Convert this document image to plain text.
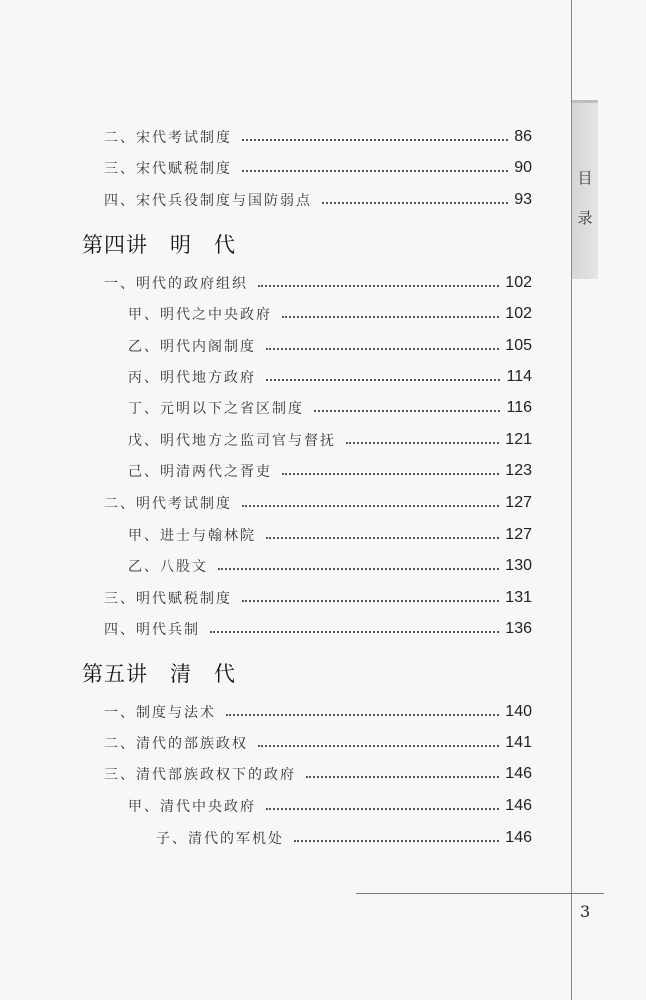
目
录
二、宋代考试制度	86
三、宋代赋税制度	90
四、宋代兵役制度与国防弱点	93
第四讲　明　代
一、明代的政府组织	102
甲、明代之中央政府	102
乙、明代内阁制度	105
丙、明代地方政府	114
丁、元明以下之省区制度	116
戊、明代地方之监司官与督抚	121
己、明清两代之胥吏	123
二、明代考试制度	127
甲、进士与翰林院	127
乙、八股文	130
三、明代赋税制度	131
四、明代兵制	136
第五讲　清　代
一、制度与法术	140
二、清代的部族政权	141
三、清代部族政权下的政府	146
甲、清代中央政府	146
子、清代的军机处	146
3
